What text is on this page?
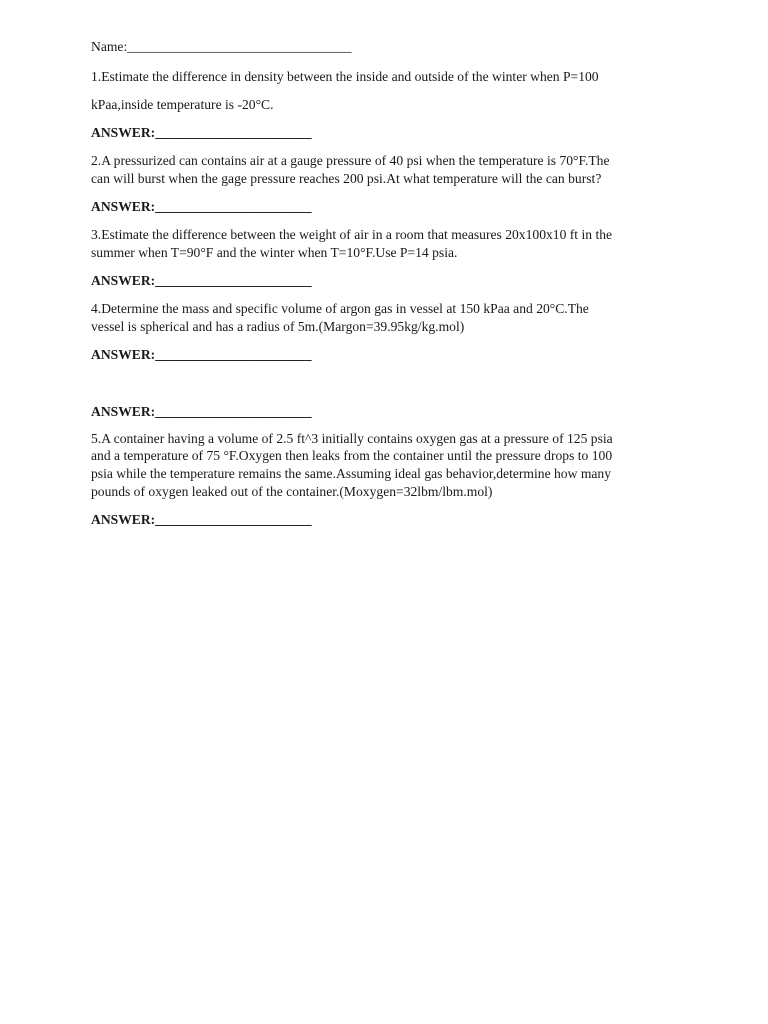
Name:_________________________________
1.Estimate the difference in density between the inside and outside of the winter when P=100
kPaa,inside temperature is -20°C.
ANSWER:_______________________
2.A pressurized can contains air at a gauge pressure of 40 psi when the temperature is 70°F.The
can will burst when the gage pressure reaches 200 psi.At what temperature will the can burst?
ANSWER:_______________________
3.Estimate the difference between the weight of air in a room that measures 20x100x10 ft in the
summer when T=90°F and the winter when T=10°F.Use P=14 psia.
ANSWER:_______________________
4.Determine the mass and specific volume of argon gas in vessel at 150 kPaa and 20°C.The
vessel is spherical and has a radius of 5m.(Margon=39.95kg/kg.mol)
ANSWER:_______________________
ANSWER:_______________________
5.A container having a volume of 2.5 ft^3 initially contains oxygen gas at a pressure of 125 psia
and a temperature of 75 °F.Oxygen then leaks from the container until the pressure drops to 100
psia while the temperature remains the same.Assuming ideal gas behavior,determine how many
pounds of oxygen leaked out of the container.(Moxygen=32lbm/lbm.mol)
ANSWER:_______________________
